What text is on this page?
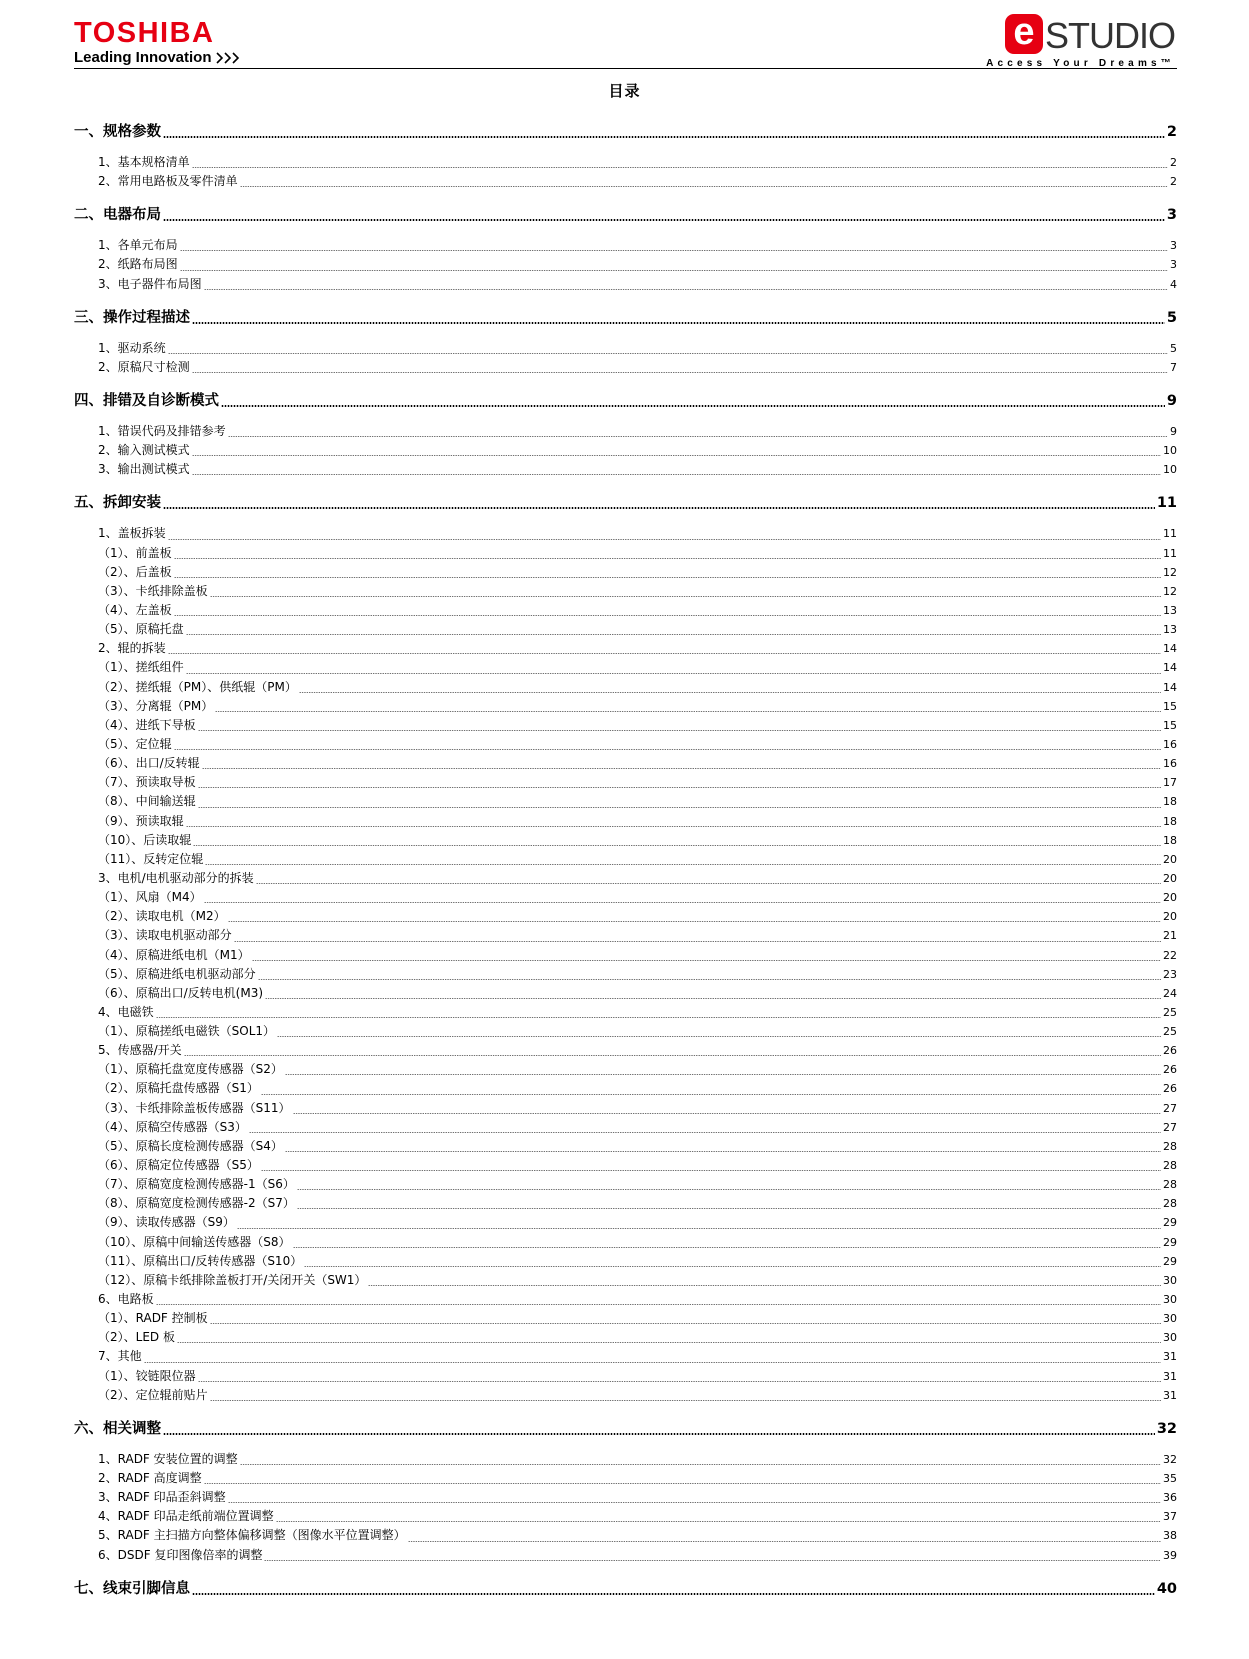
TOSHIBA
Leading Innovation
e STUDIO
Access Your Dreams™
目录
一、规格参数	2
1、基本规格清单	2
2、常用电路板及零件清单	2
二、电器布局	3
1、各单元布局	3
2、纸路布局图	3
3、电子器件布局图	4
三、操作过程描述	5
1、驱动系统	5
2、原稿尺寸检测	7
四、排错及自诊断模式	9
1、错误代码及排错参考	9
2、输入测试模式	10
3、输出测试模式	10
五、拆卸安装	11
1、盖板拆装	11
（1）、前盖板	11
（2）、后盖板	12
（3）、卡纸排除盖板	12
（4）、左盖板	13
（5）、原稿托盘	13
2、辊的拆装	14
（1）、搓纸组件	14
（2）、搓纸辊（PM）、供纸辊（PM）	14
（3）、分离辊（PM）	15
（4）、进纸下导板	15
（5）、定位辊	16
（6）、出口/反转辊	16
（7）、预读取导板	17
（8）、中间输送辊	18
（9）、预读取辊	18
（10）、后读取辊	18
（11）、反转定位辊	20
3、电机/电机驱动部分的拆装	20
（1）、风扇（M4）	20
（2）、读取电机（M2）	20
（3）、读取电机驱动部分	21
（4）、原稿进纸电机（M1）	22
（5）、原稿进纸电机驱动部分	23
（6）、原稿出口/反转电机(M3)	24
4、电磁铁	25
（1）、原稿搓纸电磁铁（SOL1）	25
5、传感器/开关	26
（1）、原稿托盘宽度传感器（S2）	26
（2）、原稿托盘传感器（S1）	26
（3）、卡纸排除盖板传感器（S11）	27
（4）、原稿空传感器（S3）	27
（5）、原稿长度检测传感器（S4）	28
（6）、原稿定位传感器（S5）	28
（7）、原稿宽度检测传感器-1（S6）	28
（8）、原稿宽度检测传感器-2（S7）	28
（9）、读取传感器（S9）	29
（10）、原稿中间输送传感器（S8）	29
（11）、原稿出口/反转传感器（S10）	29
（12）、原稿卡纸排除盖板打开/关闭开关（SW1）	30
6、电路板	30
（1）、RADF 控制板	30
（2）、LED 板	30
7、其他	31
（1）、铰链限位器	31
（2）、定位辊前贴片	31
六、相关调整	32
1、RADF 安装位置的调整	32
2、RADF 高度调整	35
3、RADF 印品歪斜调整	36
4、RADF 印品走纸前端位置调整	37
5、RADF 主扫描方向整体偏移调整（图像水平位置调整）	38
6、DSDF 复印图像倍率的调整	39
七、线束引脚信息	40
